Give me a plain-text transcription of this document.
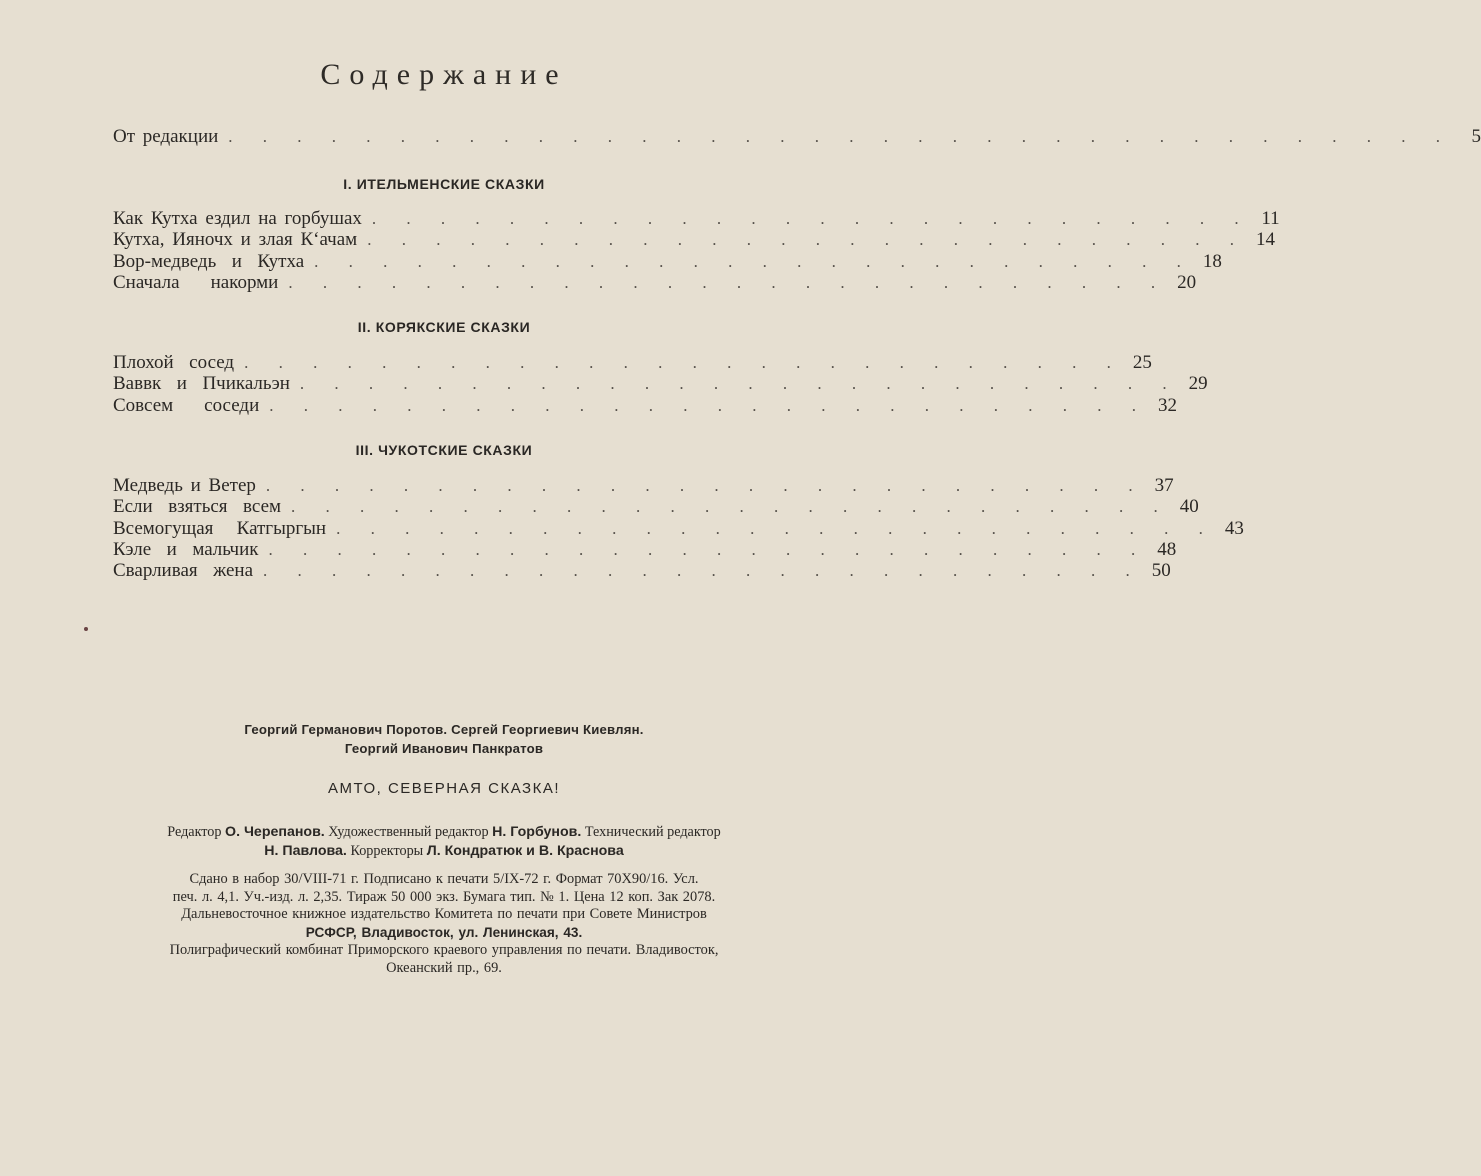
Содержание
От редакции . . . . . . . . . . . . . . . . . . . . . . . . . . . . . . . . . . . . 5
I. ИТЕЛЬМЕНСКИЕ СКАЗКИ
Как Кутха ездил на горбушах . . . . . . . . . . . . . . . . . . . . . . . . . . 11
Кутха, Ияночх и злая К‘ачам . . . . . . . . . . . . . . . . . . . . . . . . . . 14
Вор-медведь  и  Кутха . . . . . . . . . . . . . . . . . . . . . . . . . . 18
Сначала    накорми . . . . . . . . . . . . . . . . . . . . . . . . . . 20
II. КОРЯКСКИЕ СКАЗКИ
Плохой  сосед . . . . . . . . . . . . . . . . . . . . . . . . . . 25
Ваввк  и  Пчикальэн . . . . . . . . . . . . . . . . . . . . . . . . . . 29
Совсем    соседи . . . . . . . . . . . . . . . . . . . . . . . . . . 32
III. ЧУКОТСКИЕ СКАЗКИ
Медведь и Ветер . . . . . . . . . . . . . . . . . . . . . . . . . . 37
Если  взяться  всем . . . . . . . . . . . . . . . . . . . . . . . . . . 40
Всемогущая   Катгыргын . . . . . . . . . . . . . . . . . . . . . . . . . . 43
Кэле  и  мальчик . . . . . . . . . . . . . . . . . . . . . . . . . . 48
Сварливая  жена . . . . . . . . . . . . . . . . . . . . . . . . . . 50
Георгий Германович Поротов. Сергей Георгиевич Киевлян.
Георгий Иванович Панкратов
АМТО, СЕВЕРНАЯ СКАЗКА!
Редактор О. Черепанов. Художественный редактор Н. Горбунов. Технический редактор
Н. Павлова. Корректоры Л. Кондратюк и В. Краснова
Сдано в набор 30/VIII-71 г. Подписано к печати 5/IX-72 г. Формат 70X90/16. Усл.
печ. л. 4,1. Уч.-изд. л. 2,35. Тираж 50 000 экз. Бумага тип. № 1. Цена 12 коп. Зак 2078.
Дальневосточное книжное издательство Комитета по печати при Совете Министров
РСФСР, Владивосток, ул. Ленинская, 43.
Полиграфический комбинат Приморского краевого управления по печати. Владивосток,
Океанский пр., 69.
